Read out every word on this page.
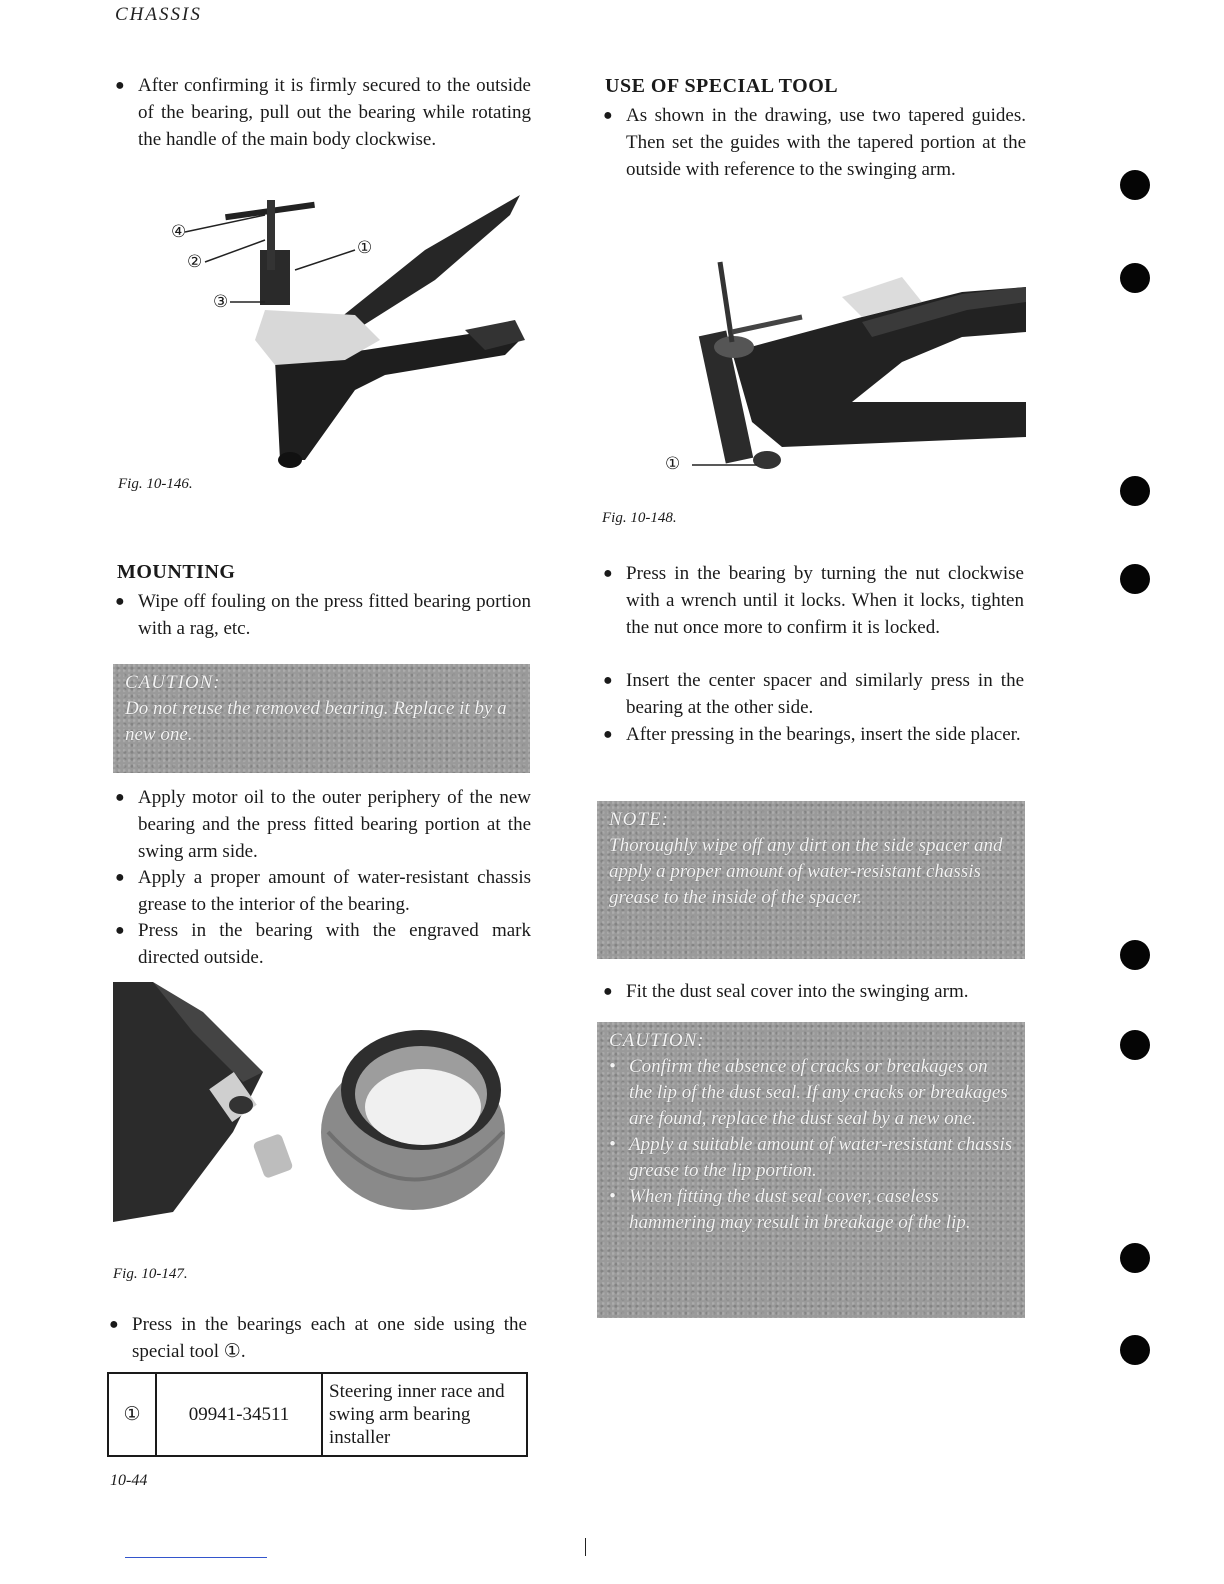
CHASSIS
● After confirming it is firmly secured to the outside of the bearing, pull out the bearing while rotating the handle of the main body clockwise.
④
②
③
①
Fig. 10-146.
MOUNTING
● Wipe off fouling on the press fitted bearing portion with a rag, etc.
CAUTION:
Do not reuse the removed bearing. Replace it by a new one.
● Apply motor oil to the outer periphery of the new bearing and the press fitted bearing portion at the swing arm side.
● Apply a proper amount of water-resistant chassis grease to the interior of the bearing.
● Press in the bearing with the engraved mark directed outside.
Fig. 10-147.
● Press in the bearings each at one side using the special tool ①.
①	09941-34511	Steering inner race and swing arm bearing installer
USE OF SPECIAL TOOL
● As shown in the drawing, use two tapered guides. Then set the guides with the tapered portion at the outside with reference to the swinging arm.
①
Fig. 10-148.
● Press in the bearing by turning the nut clockwise with a wrench until it locks. When it locks, tighten the nut once more to confirm it is locked.
● Insert the center spacer and similarly press in the bearing at the other side.
● After pressing in the bearings, insert the side placer.
NOTE:
Thoroughly wipe off any dirt on the side spacer and apply a proper amount of water-resistant chassis grease to the inside of the spacer.
● Fit the dust seal cover into the swinging arm.
CAUTION:
• Confirm the absence of cracks or breakages on the lip of the dust seal. If any cracks or breakages are found, replace the dust seal by a new one.
• Apply a suitable amount of water-resistant chassis grease to the lip portion.
• When fitting the dust seal cover, caseless hammering may result in breakage of the lip.
10-44
